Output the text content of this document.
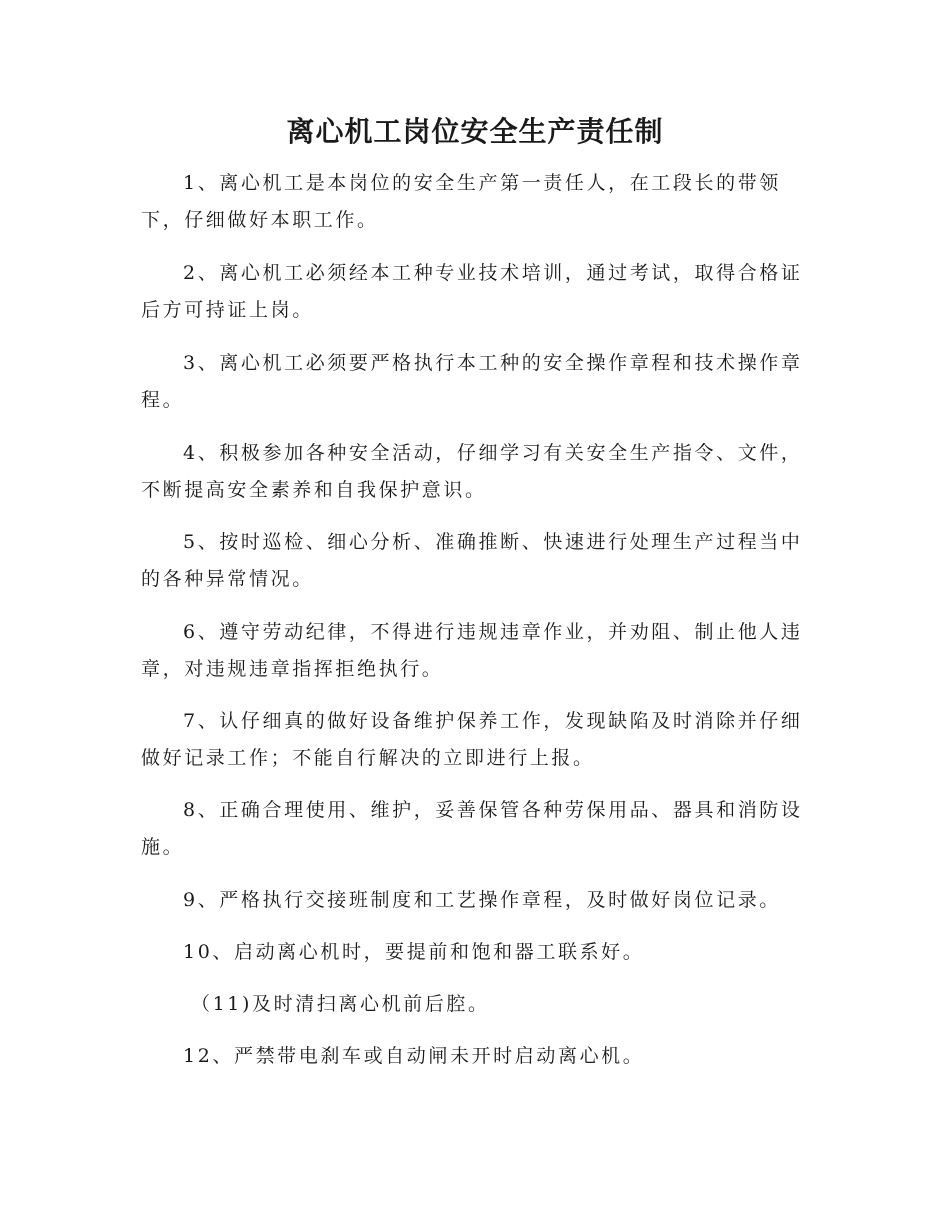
离心机工岗位安全生产责任制

1、离心机工是本岗位的安全生产第一责任人，在工段长的带领下，仔细做好本职工作。

2、离心机工必须经本工种专业技术培训，通过考试，取得合格证后方可持证上岗。

3、离心机工必须要严格执行本工种的安全操作章程和技术操作章程。

4、积极参加各种安全活动，仔细学习有关安全生产指令、文件，不断提高安全素养和自我保护意识。

5、按时巡检、细心分析、准确推断、快速进行处理生产过程当中的各种异常情况。

6、遵守劳动纪律，不得进行违规违章作业，并劝阻、制止他人违章，对违规违章指挥拒绝执行。

7、认仔细真的做好设备维护保养工作，发现缺陷及时消除并仔细做好记录工作；不能自行解决的立即进行上报。

8、正确合理使用、维护，妥善保管各种劳保用品、器具和消防设施。

9、严格执行交接班制度和工艺操作章程，及时做好岗位记录。

10、启动离心机时，要提前和饱和器工联系好。

（11)及时清扫离心机前后腔。

12、严禁带电刹车或自动闸未开时启动离心机。
